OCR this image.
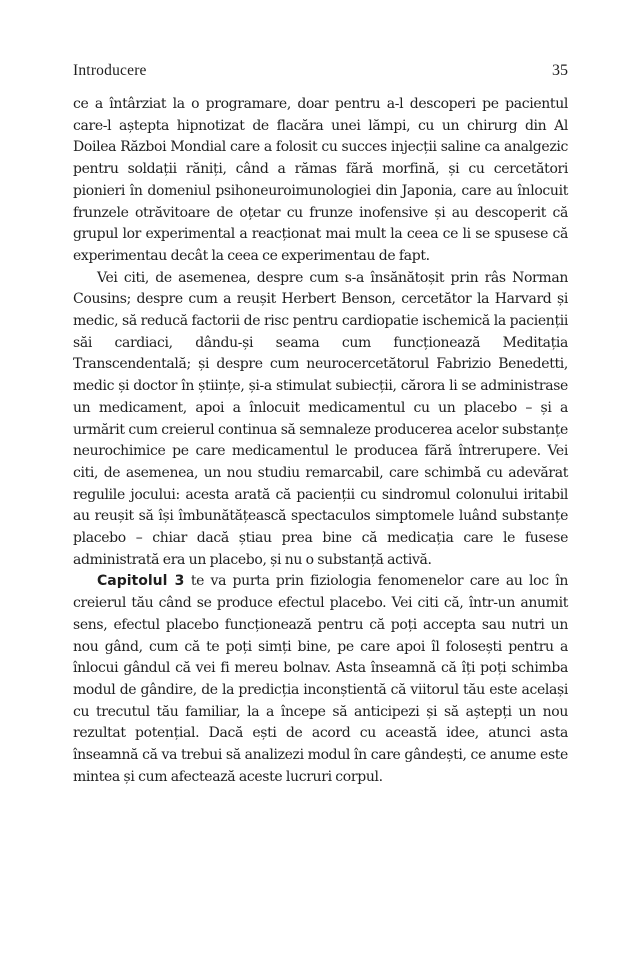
Introducere	35

ce a întârziat la o programare, doar pentru a-l descoperi pe pacientul care-l aștepta hipnotizat de flacăra unei lămpi, cu un chirurg din Al Doilea Război Mondial care a folosit cu succes injecții saline ca analgezic pentru soldații răniți, când a rămas fără morfină, și cu cercetători pionieri în domeniul psihoneuroimunologiei din Japonia, care au înlocuit frunzele otrăvitoare de oțetar cu frunze inofensive și au descoperit că grupul lor experimental a reacționat mai mult la ceea ce li se spusese că experimentau decât la ceea ce experimentau de fapt.

Vei citi, de asemenea, despre cum s-a însănătoșit prin râs Norman Cousins; despre cum a reușit Herbert Benson, cercetător la Harvard și medic, să reducă factorii de risc pentru cardiopatie ischemică la pacienții săi cardiaci, dându-și seama cum funcționează Meditația Transcendentală; și despre cum neurocercetătorul Fabrizio Benedetti, medic și doctor în științe, și-a stimulat subiecții, cărora li se administrase un medicament, apoi a înlocuit medicamentul cu un placebo – și a urmărit cum creierul continua să semnaleze producerea acelor substanțe neurochimice pe care medicamentul le producea fără întrerupere. Vei citi, de asemenea, un nou studiu remarcabil, care schimbă cu adevărat regulile jocului: acesta arată că pacienții cu sindromul colonului iritabil au reușit să își îmbunătățească spectaculos simptomele luând substanțe placebo – chiar dacă știau prea bine că medicația care le fusese administrată era un placebo, și nu o substanță activă.

Capitolul 3 te va purta prin fiziologia fenomenelor care au loc în creierul tău când se produce efectul placebo. Vei citi că, într-un anumit sens, efectul placebo funcționează pentru că poți accepta sau nutri un nou gând, cum că te poți simți bine, pe care apoi îl folosești pentru a înlocui gândul că vei fi mereu bolnav. Asta înseamnă că îți poți schimba modul de gândire, de la predicția inconștientă că viitorul tău este același cu trecutul tău familiar, la a începe să anticipezi și să aștepți un nou rezultat potențial. Dacă ești de acord cu această idee, atunci asta înseamnă că va trebui să analizezi modul în care gândești, ce anume este mintea și cum afectează aceste lucruri corpul.
